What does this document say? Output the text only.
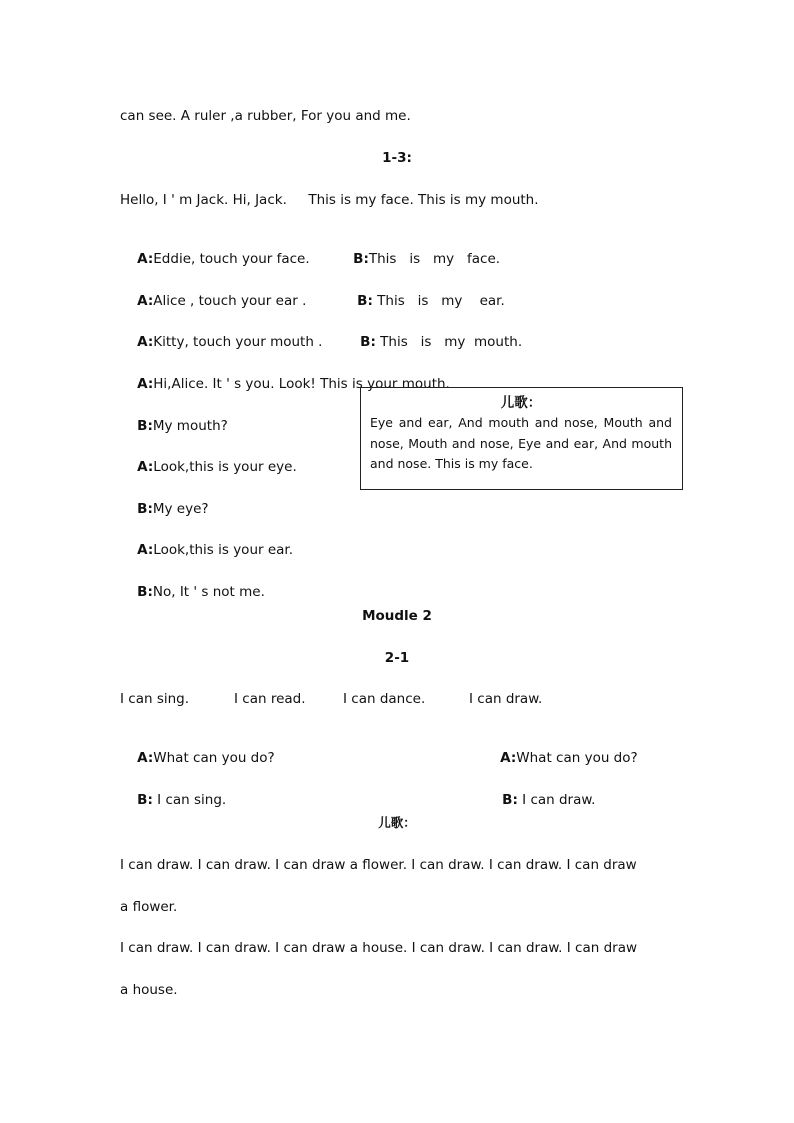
can see. A ruler ,a rubber, For you and me.
1-3:
Hello, I ' m Jack. Hi, Jack.     This is my face. This is my mouth.

A:Eddie, touch your face.
	B:This   is   my   face.

A:Alice , touch your ear .
	B: This   is   my    ear.

A:Kitty, touch your mouth .
	B: This   is   my  mouth.

A:Hi,Alice. It ' s you. Look! This is your mouth.

B:My mouth?

A:Look,this is your eye.

B:My eye?

A:Look,this is your ear.

B:No, It ' s not me.

儿歌：
Eye and ear, And mouth and nose, Mouth and nose, Mouth and nose, Eye and ear, And mouth and nose. This is my face.
Moudle 2
2-1
I can sing.	I can read.	I can dance.	I can draw.

A:What can you do?
	A:What can you do?

B: I can sing.
	B: I can draw.

儿歌：
I can draw. I can draw. I can draw a flower. I can draw. I can draw. I can draw
a flower.
I can draw. I can draw. I can draw a house. I can draw. I can draw. I can draw
a house.
